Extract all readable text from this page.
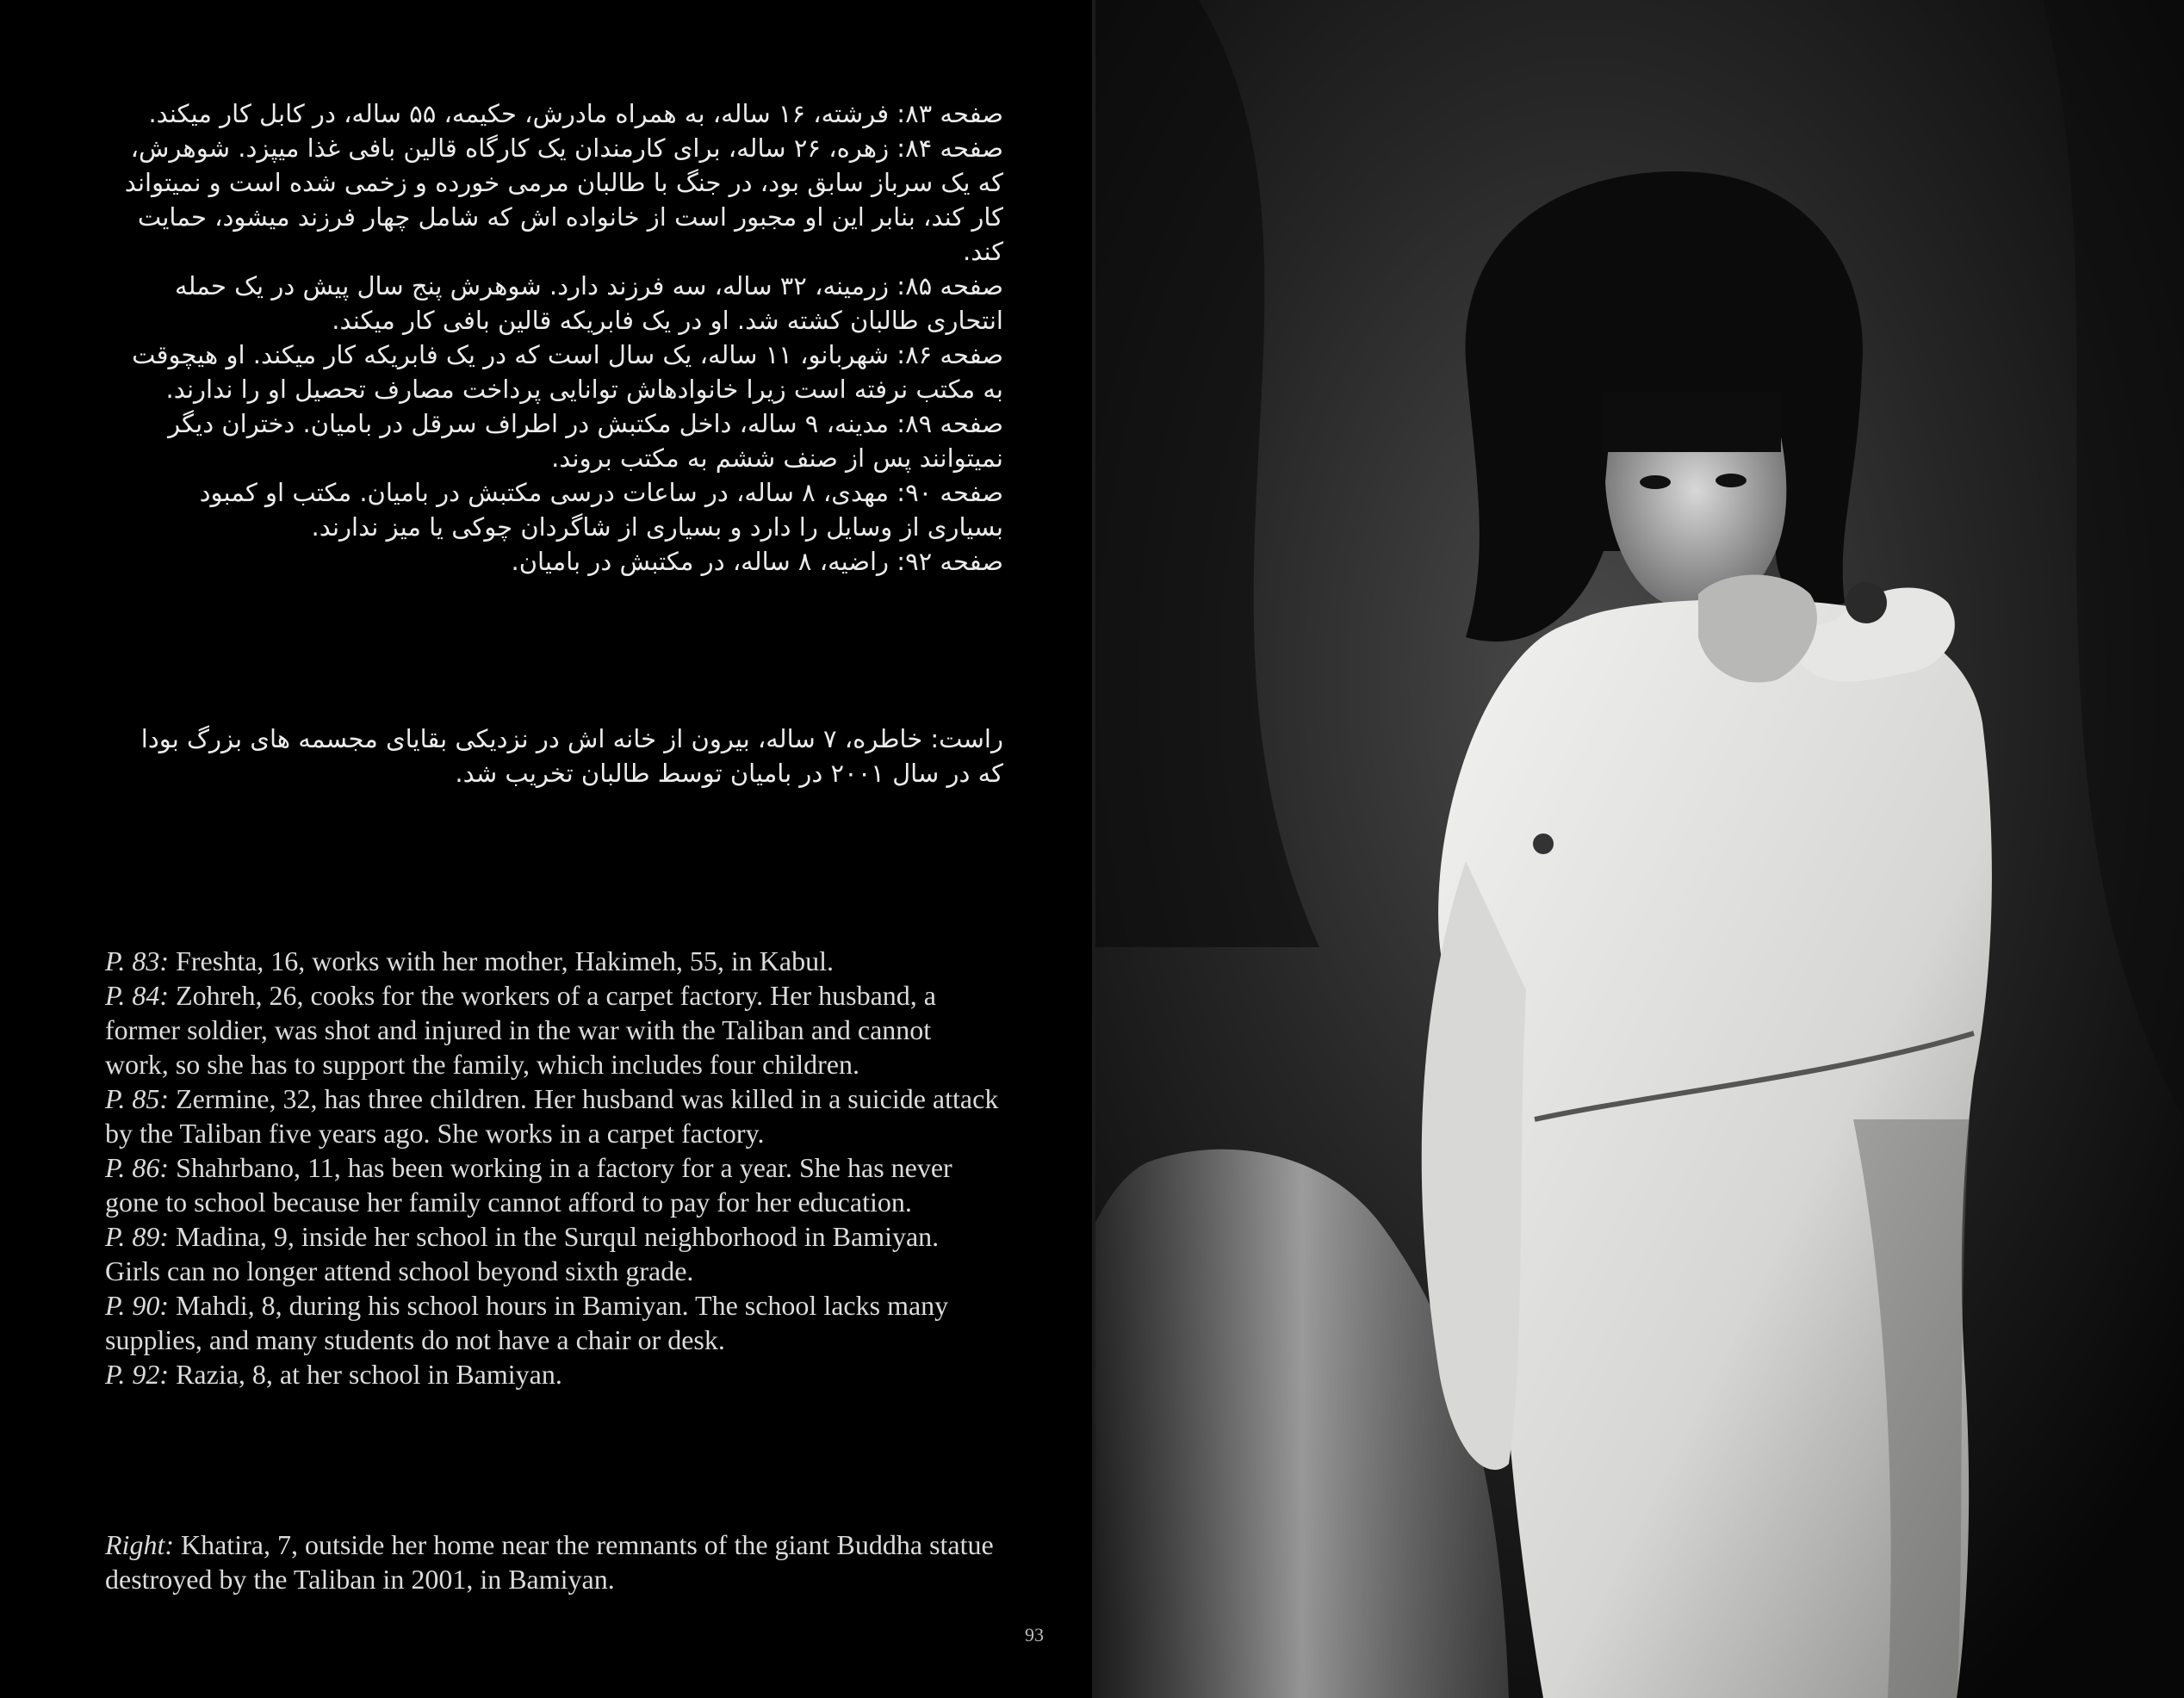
صفحه ۸۳: فرشته، ۱۶ ساله، به همراه مادرش، حکیمه، ۵۵ ساله، در کابل کار میکند.

صفحه ۸۴: زهره، ۲۶ ساله، برای کارمندان یک کارگاه قالین بافی غذا میپزد. شوهرش، که یک سرباز سابق بود، در جنگ با طالبان مرمی خورده و زخمی شده است و نمیتواند کار کند، بنابر این او مجبور است از خانواده اش که شامل چهار فرزند میشود، حمایت کند.

صفحه ۸۵: زرمینه، ۳۲ ساله، سه فرزند دارد. شوهرش پنج سال پیش در یک حمله انتحاری طالبان کشته شد. او در یک فابریکه قالین بافی کار میکند.

صفحه ۸۶: شهربانو، ۱۱ ساله، یک سال است که در یک فابریکه کار میکند. او هیچوقت به مکتب نرفته است زیرا خانوادهاش توانایی پرداخت مصارف تحصیل او را ندارند.

صفحه ۸۹: مدینه، ۹ ساله، داخل مکتبش در اطراف سرقل در بامیان. دختران دیگر نمیتوانند پس از صنف ششم به مکتب بروند.

صفحه ۹۰: مهدی، ۸ ساله، در ساعات درسی مکتبش در بامیان. مکتب او کمبود بسیاری از وسایل را دارد و بسیاری از شاگردان چوکی یا میز ندارند.

صفحه ۹۲: راضیه، ۸ ساله، در مکتبش در بامیان.

راست: خاطره، ۷ ساله، بیرون از خانه اش در نزدیکی بقایای مجسمه های بزرگ بودا که در سال ۲۰۰۱ در بامیان توسط طالبان تخریب شد.

P. 83: Freshta, 16, works with her mother, Hakimeh, 55, in Kabul.

P. 84: Zohreh, 26, cooks for the workers of a carpet factory. Her husband, a former soldier, was shot and injured in the war with the Taliban and cannot work, so she has to support the family, which includes four children.

P. 85: Zermine, 32, has three children. Her husband was killed in a suicide attack by the Taliban five years ago. She works in a carpet factory.

P. 86: Shahrbano, 11, has been working in a factory for a year. She has never gone to school because her family cannot afford to pay for her education.

P. 89: Madina, 9, inside her school in the Surqul neighborhood in Bamiyan. Girls can no longer attend school beyond sixth grade.

P. 90: Mahdi, 8, during his school hours in Bamiyan. The school lacks many supplies, and many students do not have a chair or desk.

P. 92: Razia, 8, at her school in Bamiyan.

Right: Khatira, 7, outside her home near the remnants of the giant Buddha statue destroyed by the Taliban in 2001, in Bamiyan.

93
